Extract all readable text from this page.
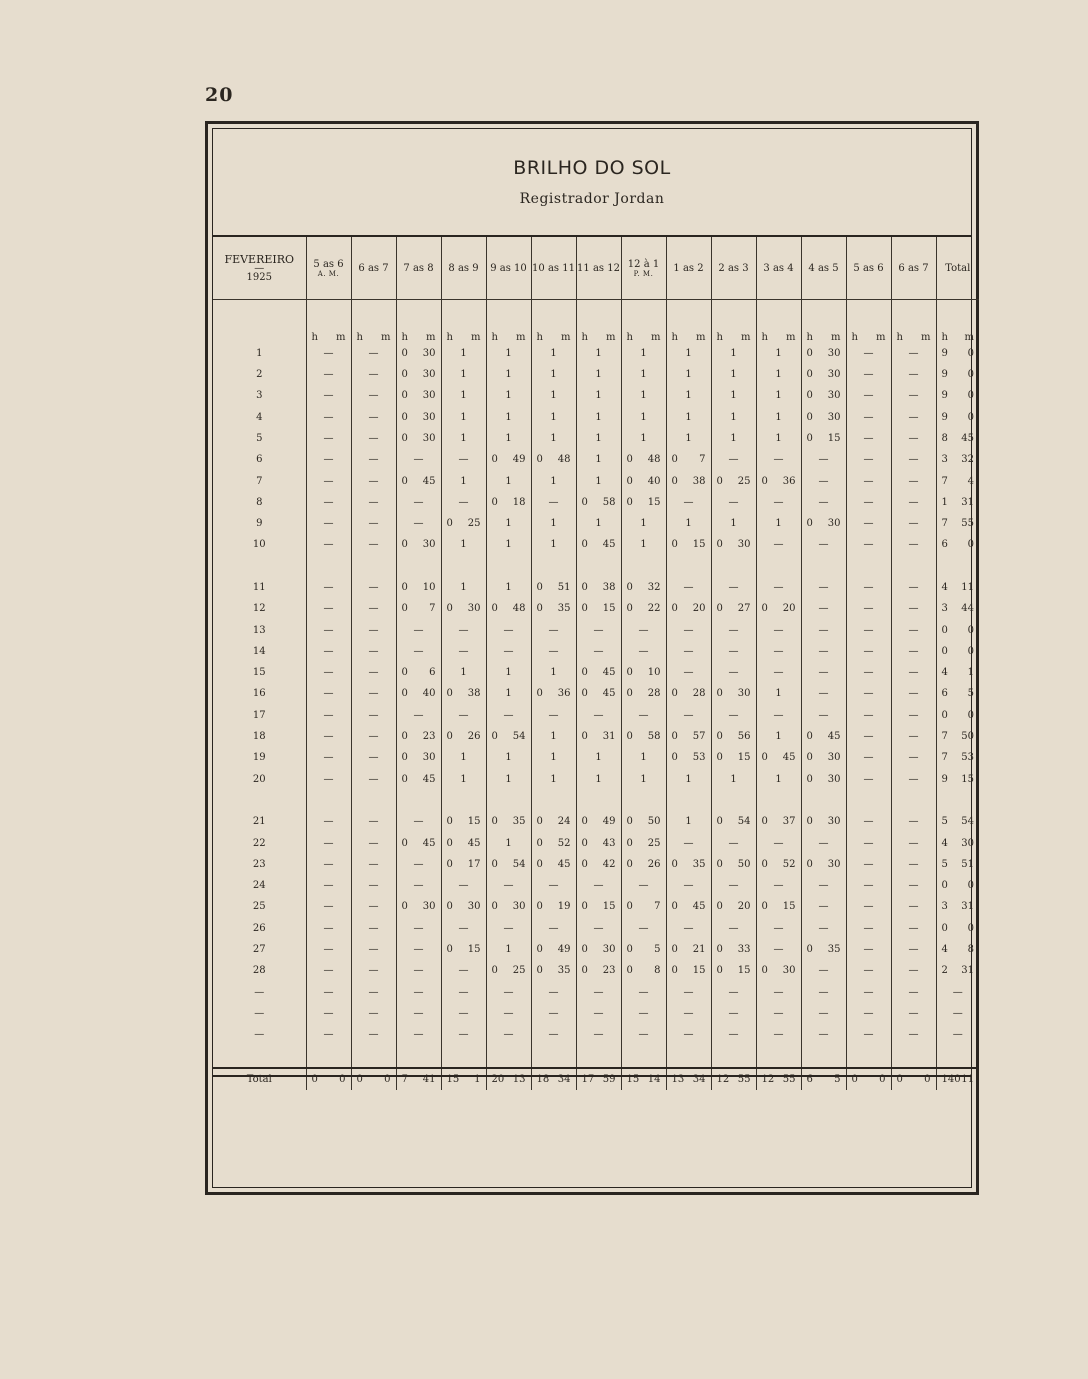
20
BRILHO DO SOL
Registrador Jordan
FEVEREIRO
—
1925	5 as 6
A. M.	6 as 7	7 as 8	8 as 9	9 as 10	10 as 11	11 as 12	12 à 1
P. M.	1 as 2	2 as 3	3 as 4	4 as 5	5 as 6	6 as 7	Total

	h m	h m	h m	h m	h m	h m	h m	h m	h m	h m	h m	h m	h m	h m	h m

1	—	—	0 30	1	1	1	1	1	1	1	1	0 30	—	—	9 0

2	—	—	0 30	1	1	1	1	1	1	1	1	0 30	—	—	9 0

3	—	—	0 30	1	1	1	1	1	1	1	1	0 30	—	—	9 0

4	—	—	0 30	1	1	1	1	1	1	1	1	0 30	—	—	9 0

5	—	—	0 30	1	1	1	1	1	1	1	1	0 15	—	—	8 45

6	—	—	—	—	0 49	0 48	1	0 48	0 7	—	—	—	—	—	3 32

7	—	—	0 45	1	1	1	1	0 40	0 38	0 25	0 36	—	—	—	7 4

8	—	—	—	—	0 18	—	0 58	0 15	—	—	—	—	—	—	1 31

9	—	—	—	0 25	1	1	1	1	1	1	1	0 30	—	—	7 55

10	—	—	0 30	1	1	1	0 45	1	0 15	0 30	—	—	—	—	6 0

11	—	—	0 10	1	1	0 51	0 38	0 32	—	—	—	—	—	—	4 11

12	—	—	0 7	0 30	0 48	0 35	0 15	0 22	0 20	0 27	0 20	—	—	—	3 44

13	—	—	—	—	—	—	—	—	—	—	—	—	—	—	0 0

14	—	—	—	—	—	—	—	—	—	—	—	—	—	—	0 0

15	—	—	0 6	1	1	1	0 45	0 10	—	—	—	—	—	—	4 1

16	—	—	0 40	0 38	1	0 36	0 45	0 28	0 28	0 30	1	—	—	—	6 5

17	—	—	—	—	—	—	—	—	—	—	—	—	—	—	0 0

18	—	—	0 23	0 26	0 54	1	0 31	0 58	0 57	0 56	1	0 45	—	—	7 50

19	—	—	0 30	1	1	1	1	1	0 53	0 15	0 45	0 30	—	—	7 53

20	—	—	0 45	1	1	1	1	1	1	1	1	0 30	—	—	9 15

21	—	—	—	0 15	0 35	0 24	0 49	0 50	1	0 54	0 37	0 30	—	—	5 54

22	—	—	0 45	0 45	1	0 52	0 43	0 25	—	—	—	—	—	—	4 30

23	—	—	—	0 17	0 54	0 45	0 42	0 26	0 35	0 50	0 52	0 30	—	—	5 51

24	—	—	—	—	—	—	—	—	—	—	—	—	—	—	0 0

25	—	—	0 30	0 30	0 30	0 19	0 15	0 7	0 45	0 20	0 15	—	—	—	3 31

26	—	—	—	—	—	—	—	—	—	—	—	—	—	—	0 0

27	—	—	—	0 15	1	0 49	0 30	0 5	0 21	0 33	—	0 35	—	—	4 8

28	—	—	—	—	0 25	0 35	0 23	0 8	0 15	0 15	0 30	—	—	—	2 31

—	—	—	—	—	—	—	—	—	—	—	—	—	—	—	—
—	—	—	—	—	—	—	—	—	—	—	—	—	—	—	—
—	—	—	—	—	—	—	—	—	—	—	—	—	—	—	—

Total	0 0	0 0	7 41	15 1	20 13	18 34	17 59	15 14	13 34	12 55	12 55	6 5	0 0	0 0	140 11
